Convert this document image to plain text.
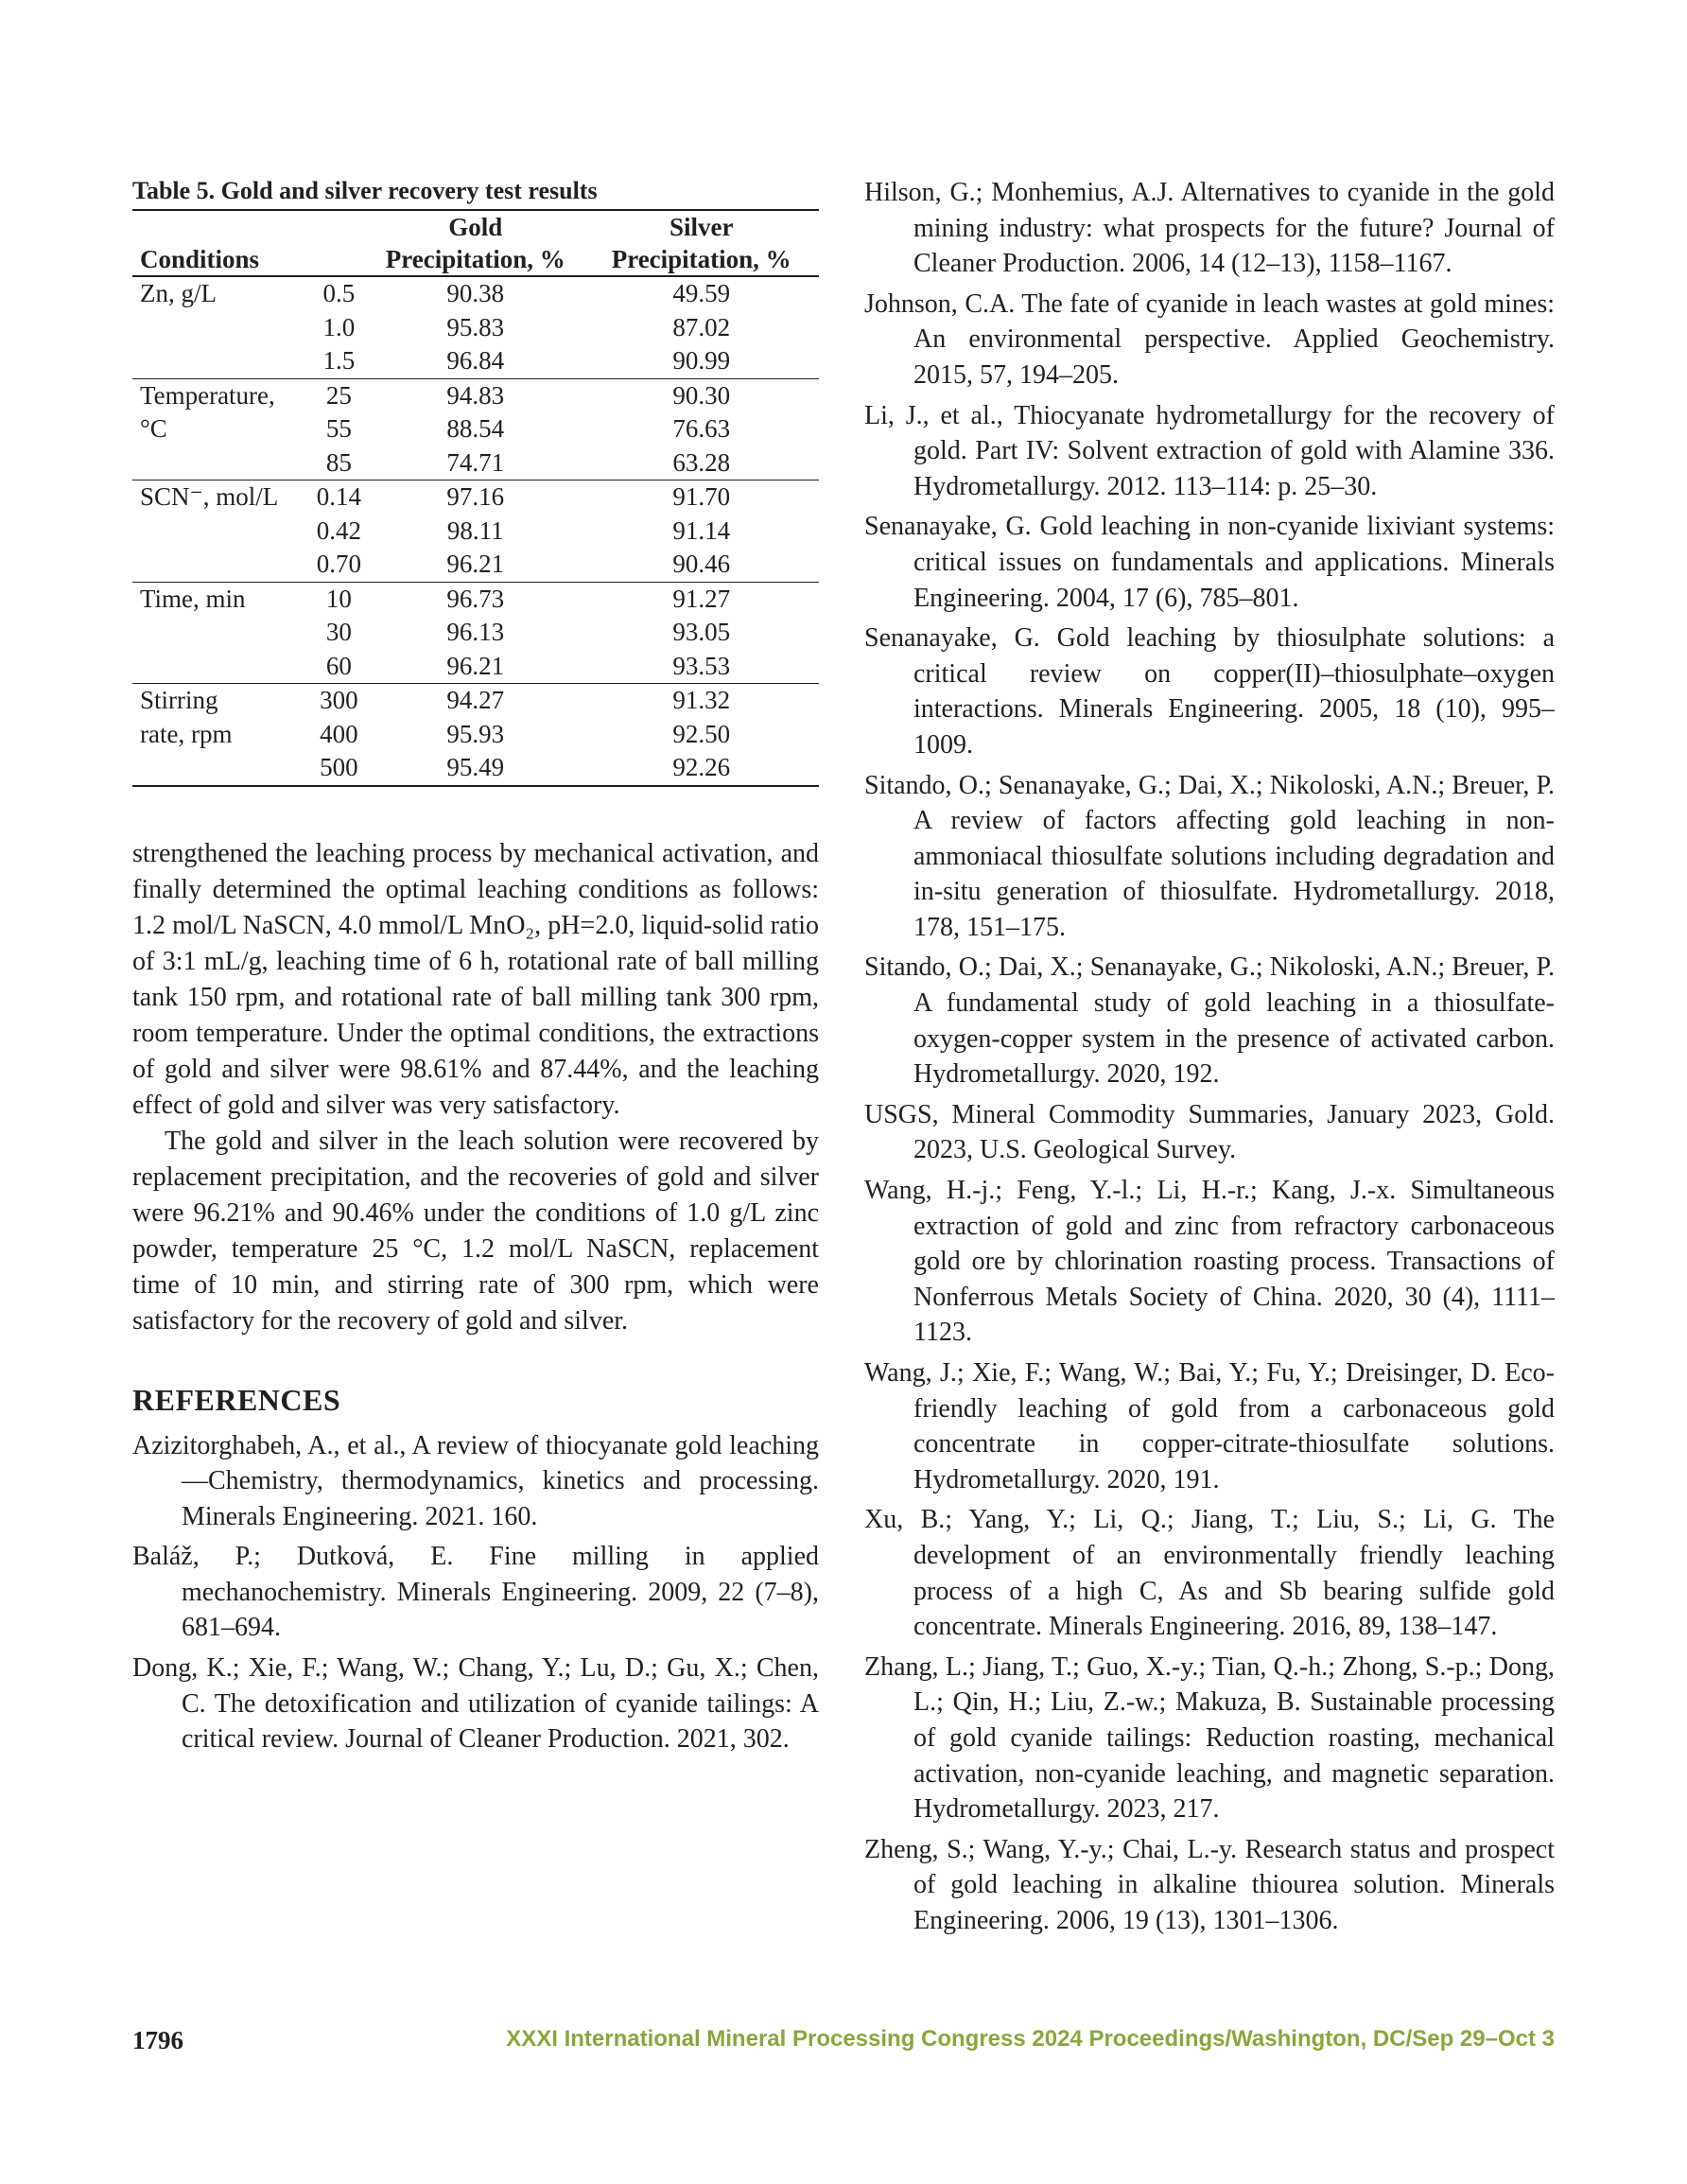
Table 5. Gold and silver recovery test results
		Gold	Silver
Conditions		Precipitation, %	Precipitation, %
Zn, g/L	0.5	90.38	49.59
	1.0	95.83	87.02
	1.5	96.84	90.99
Temperature,	25	94.83	90.30
°C	55	88.54	76.63
	85	74.71	63.28
SCN⁻, mol/L	0.14	97.16	91.70
	0.42	98.11	91.14
	0.70	96.21	90.46
Time, min	10	96.73	91.27
	30	96.13	93.05
	60	96.21	93.53
Stirring	300	94.27	91.32
rate, rpm	400	95.93	92.50
	500	95.49	92.26

strengthened the leaching process by mechanical activation, and finally determined the optimal leaching conditions as follows: 1.2 mol/L NaSCN, 4.0 mmol/L MnO₂, pH=2.0, liquid-solid ratio of 3:1 mL/g, leaching time of 6 h, rotational rate of ball milling tank 150 rpm, and rotational rate of ball milling tank 300 rpm, room temperature. Under the optimal conditions, the extractions of gold and silver were 98.61% and 87.44%, and the leaching effect of gold and silver was very satisfactory.

The gold and silver in the leach solution were recovered by replacement precipitation, and the recoveries of gold and silver were 96.21% and 90.46% under the conditions of 1.0 g/L zinc powder, temperature 25 °C, 1.2 mol/L NaSCN, replacement time of 10 min, and stirring rate of 300 rpm, which were satisfactory for the recovery of gold and silver.

REFERENCES

Azizitorghabeh, A., et al., A review of thiocyanate gold leaching—Chemistry, thermodynamics, kinetics and processing. Minerals Engineering. 2021. 160.

Baláž, P.; Dutková, E. Fine milling in applied mechanochemistry. Minerals Engineering. 2009, 22 (7–8), 681–694.

Dong, K.; Xie, F.; Wang, W.; Chang, Y.; Lu, D.; Gu, X.; Chen, C. The detoxification and utilization of cyanide tailings: A critical review. Journal of Cleaner Production. 2021, 302.

Hilson, G.; Monhemius, A.J. Alternatives to cyanide in the gold mining industry: what prospects for the future? Journal of Cleaner Production. 2006, 14 (12–13), 1158–1167.

Johnson, C.A. The fate of cyanide in leach wastes at gold mines: An environmental perspective. Applied Geochemistry. 2015, 57, 194–205.

Li, J., et al., Thiocyanate hydrometallurgy for the recovery of gold. Part IV: Solvent extraction of gold with Alamine 336. Hydrometallurgy. 2012. 113–114: p. 25–30.

Senanayake, G. Gold leaching in non-cyanide lixiviant systems: critical issues on fundamentals and applications. Minerals Engineering. 2004, 17 (6), 785–801.

Senanayake, G. Gold leaching by thiosulphate solutions: a critical review on copper(II)–thiosulphate–oxygen interactions. Minerals Engineering. 2005, 18 (10), 995–1009.

Sitando, O.; Senanayake, G.; Dai, X.; Nikoloski, A.N.; Breuer, P. A review of factors affecting gold leaching in non-ammoniacal thiosulfate solutions including degradation and in-situ generation of thiosulfate. Hydrometallurgy. 2018, 178, 151–175.

Sitando, O.; Dai, X.; Senanayake, G.; Nikoloski, A.N.; Breuer, P. A fundamental study of gold leaching in a thiosulfate-oxygen-copper system in the presence of activated carbon. Hydrometallurgy. 2020, 192.

USGS, Mineral Commodity Summaries, January 2023, Gold. 2023, U.S. Geological Survey.

Wang, H.-j.; Feng, Y.-l.; Li, H.-r.; Kang, J.-x. Simultaneous extraction of gold and zinc from refractory carbonaceous gold ore by chlorination roasting process. Transactions of Nonferrous Metals Society of China. 2020, 30 (4), 1111–1123.

Wang, J.; Xie, F.; Wang, W.; Bai, Y.; Fu, Y.; Dreisinger, D. Eco-friendly leaching of gold from a carbonaceous gold concentrate in copper-citrate-thiosulfate solutions. Hydrometallurgy. 2020, 191.

Xu, B.; Yang, Y.; Li, Q.; Jiang, T.; Liu, S.; Li, G. The development of an environmentally friendly leaching process of a high C, As and Sb bearing sulfide gold concentrate. Minerals Engineering. 2016, 89, 138–147.

Zhang, L.; Jiang, T.; Guo, X.-y.; Tian, Q.-h.; Zhong, S.-p.; Dong, L.; Qin, H.; Liu, Z.-w.; Makuza, B. Sustainable processing of gold cyanide tailings: Reduction roasting, mechanical activation, non-cyanide leaching, and magnetic separation. Hydrometallurgy. 2023, 217.

Zheng, S.; Wang, Y.-y.; Chai, L.-y. Research status and prospect of gold leaching in alkaline thiourea solution. Minerals Engineering. 2006, 19 (13), 1301–1306.

1796	XXXI International Mineral Processing Congress 2024 Proceedings/Washington, DC/Sep 29–Oct 3
